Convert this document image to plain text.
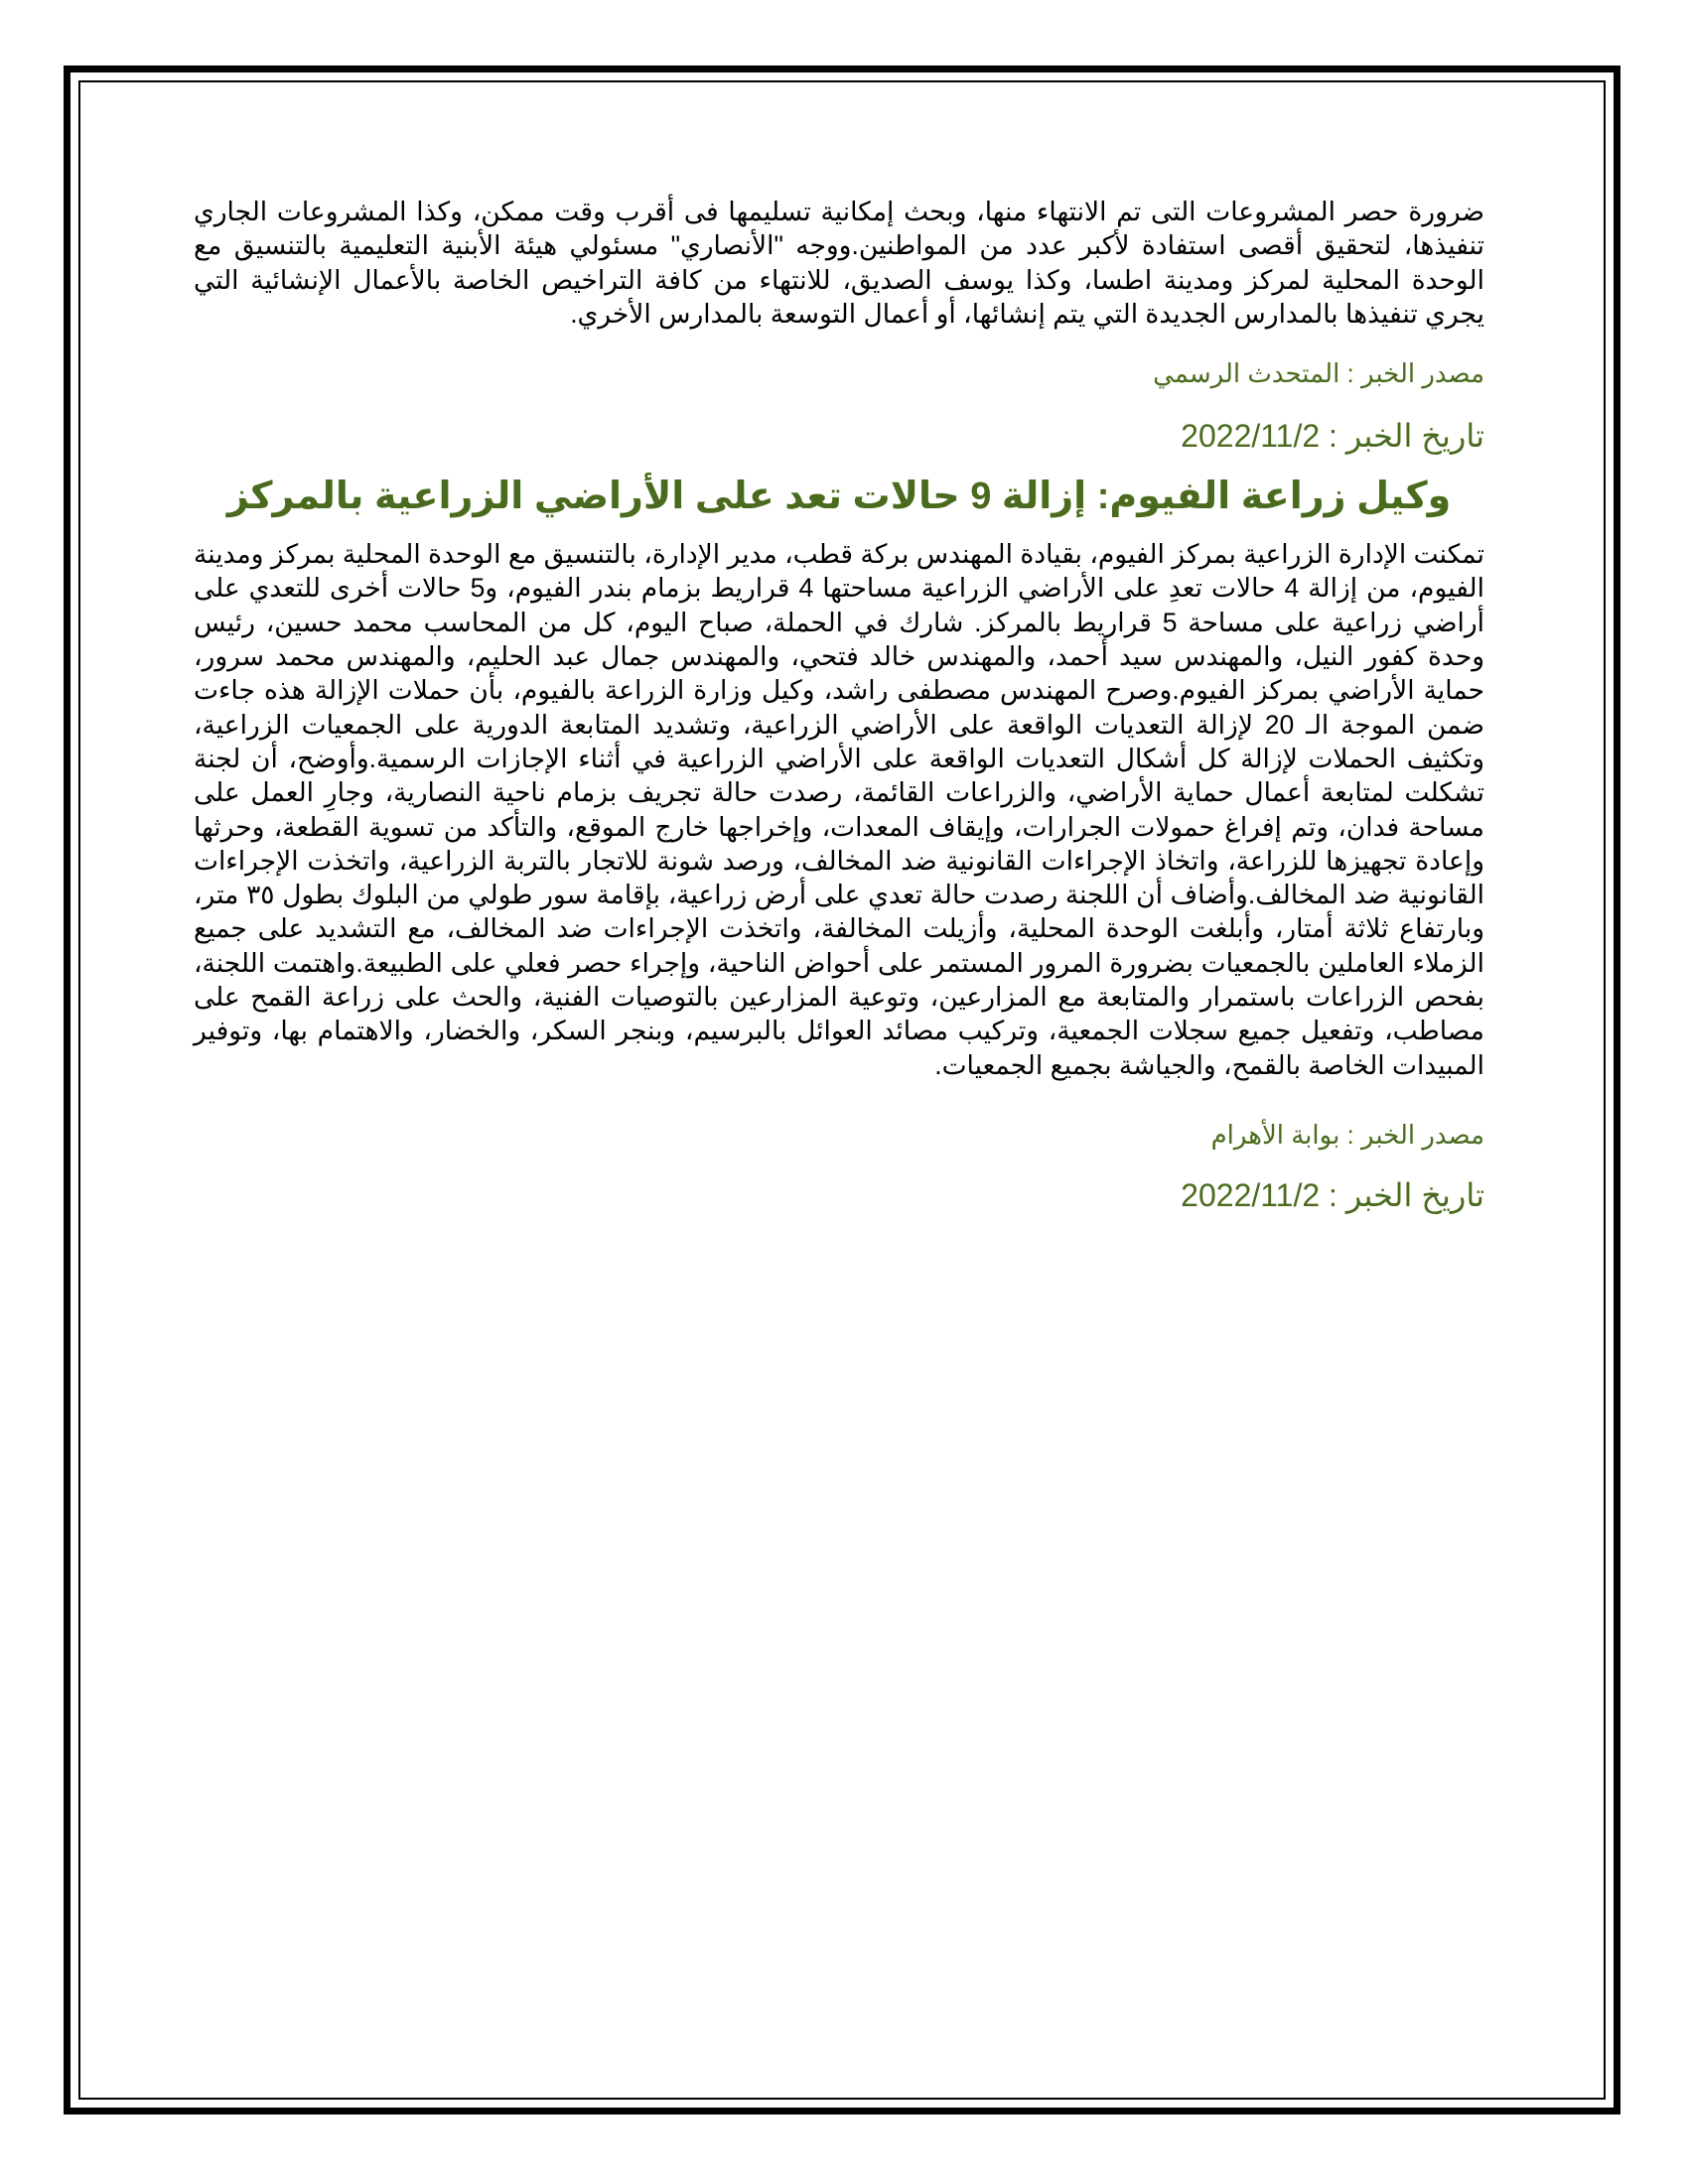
ضرورة حصر المشروعات التى تم الانتهاء منها، وبحث إمكانية تسليمها فى أقرب وقت ممكن، وكذا المشروعات الجاري تنفيذها، لتحقيق أقصى استفادة لأكبر عدد من المواطنين.ووجه "الأنصاري" مسئولي هيئة الأبنية التعليمية بالتنسيق مع الوحدة المحلية لمركز ومدينة اطسا، وكذا يوسف الصديق، للانتهاء من كافة التراخيص الخاصة بالأعمال الإنشائية التي يجري تنفيذها بالمدارس الجديدة التي يتم إنشائها، أو أعمال التوسعة بالمدارس الأخري.

مصدر الخبر : المتحدث الرسمي

تاريخ الخبر : 2022/11/2

وكيل زراعة الفيوم: إزالة 9 حالات تعد على الأراضي الزراعية بالمركز

تمكنت الإدارة الزراعية بمركز الفيوم، بقيادة المهندس بركة قطب، مدير الإدارة، بالتنسيق مع الوحدة المحلية بمركز ومدينة الفيوم، من إزالة 4 حالات تعدِ على الأراضي الزراعية مساحتها 4 قراريط بزمام بندر الفيوم، و5 حالات أخرى للتعدي على أراضي زراعية على مساحة 5 قراريط بالمركز. شارك في الحملة، صباح اليوم، كل من المحاسب محمد حسين، رئيس وحدة كفور النيل، والمهندس سيد أحمد، والمهندس خالد فتحي، والمهندس جمال عبد الحليم، والمهندس محمد سرور، حماية الأراضي بمركز الفيوم.وصرح المهندس مصطفى راشد، وكيل وزارة الزراعة بالفيوم، بأن حملات الإزالة هذه جاءت ضمن الموجة الـ 20 لإزالة التعديات الواقعة على الأراضي الزراعية، وتشديد المتابعة الدورية على الجمعيات الزراعية، وتكثيف الحملات لإزالة كل أشكال التعديات الواقعة على الأراضي الزراعية في أثناء الإجازات الرسمية.وأوضح، أن لجنة تشكلت لمتابعة أعمال حماية الأراضي، والزراعات القائمة، رصدت حالة تجريف بزمام ناحية النصارية، وجارِ العمل على مساحة فدان، وتم إفراغ حمولات الجرارات، وإيقاف المعدات، وإخراجها خارج الموقع، والتأكد من تسوية القطعة، وحرثها وإعادة تجهيزها للزراعة، واتخاذ الإجراءات القانونية ضد المخالف، ورصد شونة للاتجار بالتربة الزراعية، واتخذت الإجراءات القانونية ضد المخالف.وأضاف أن اللجنة رصدت حالة تعدي على أرض زراعية، بإقامة سور طولي من البلوك بطول ٣٥ متر، وبارتفاع ثلاثة أمتار، وأبلغت الوحدة المحلية، وأزيلت المخالفة، واتخذت الإجراءات ضد المخالف، مع التشديد على جميع الزملاء العاملين بالجمعيات بضرورة المرور المستمر على أحواض الناحية، وإجراء حصر فعلي على الطبيعة.واهتمت اللجنة، بفحص الزراعات باستمرار والمتابعة مع المزارعين، وتوعية المزارعين بالتوصيات الفنية، والحث على زراعة القمح على مصاطب، وتفعيل جميع سجلات الجمعية، وتركيب مصائد العوائل بالبرسيم، وبنجر السكر، والخضار، والاهتمام بها، وتوفير المبيدات الخاصة بالقمح، والجياشة بجميع الجمعيات.

مصدر الخبر : بوابة الأهرام

تاريخ الخبر : 2022/11/2
